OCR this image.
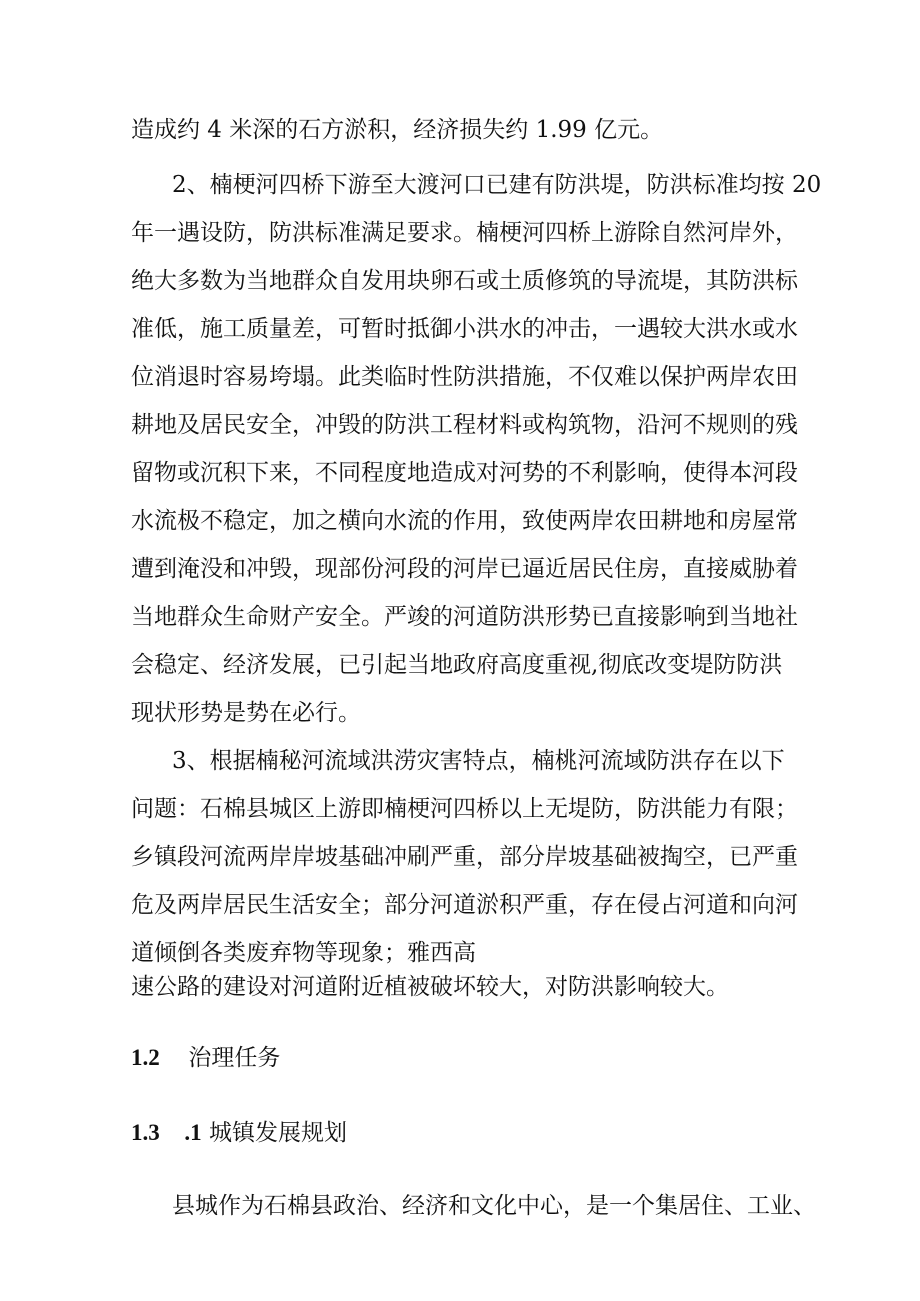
造成约 4 米深的石方淤积，经济损失约 1.99 亿元。
2、楠梗河四桥下游至大渡河口已建有防洪堤，防洪标准均按 20
年一遇设防，防洪标准满足要求。楠梗河四桥上游除自然河岸外，
绝大多数为当地群众自发用块卵石或土质修筑的导流堤，其防洪标
准低，施工质量差，可暂时抵御小洪水的冲击，一遇较大洪水或水
位消退时容易垮塌。此类临时性防洪措施，不仅难以保护两岸农田
耕地及居民安全，冲毁的防洪工程材料或构筑物，沿河不规则的残
留物或沉积下来，不同程度地造成对河势的不利影响，使得本河段
水流极不稳定，加之横向水流的作用，致使两岸农田耕地和房屋常
遭到淹没和冲毁，现部份河段的河岸已逼近居民住房，直接威胁着
当地群众生命财产安全。严竣的河道防洪形势已直接影响到当地社
会稳定、经济发展，已引起当地政府高度重视,彻底改变堤防防洪
现状形势是势在必行。
3、根据楠秘河流域洪涝灾害特点，楠桃河流域防洪存在以下
问题：石棉县城区上游即楠梗河四桥以上无堤防，防洪能力有限；
乡镇段河流两岸岸坡基础冲刷严重，部分岸坡基础被掏空，已严重
危及两岸居民生活安全；部分河道淤积严重，存在侵占河道和向河
道倾倒各类废弃物等现象；雅西高
速公路的建设对河道附近植被破坏较大，对防洪影响较大。
1.2 治理任务
1.3 .1 城镇发展规划
县城作为石棉县政治、经济和文化中心，是一个集居住、工业、
